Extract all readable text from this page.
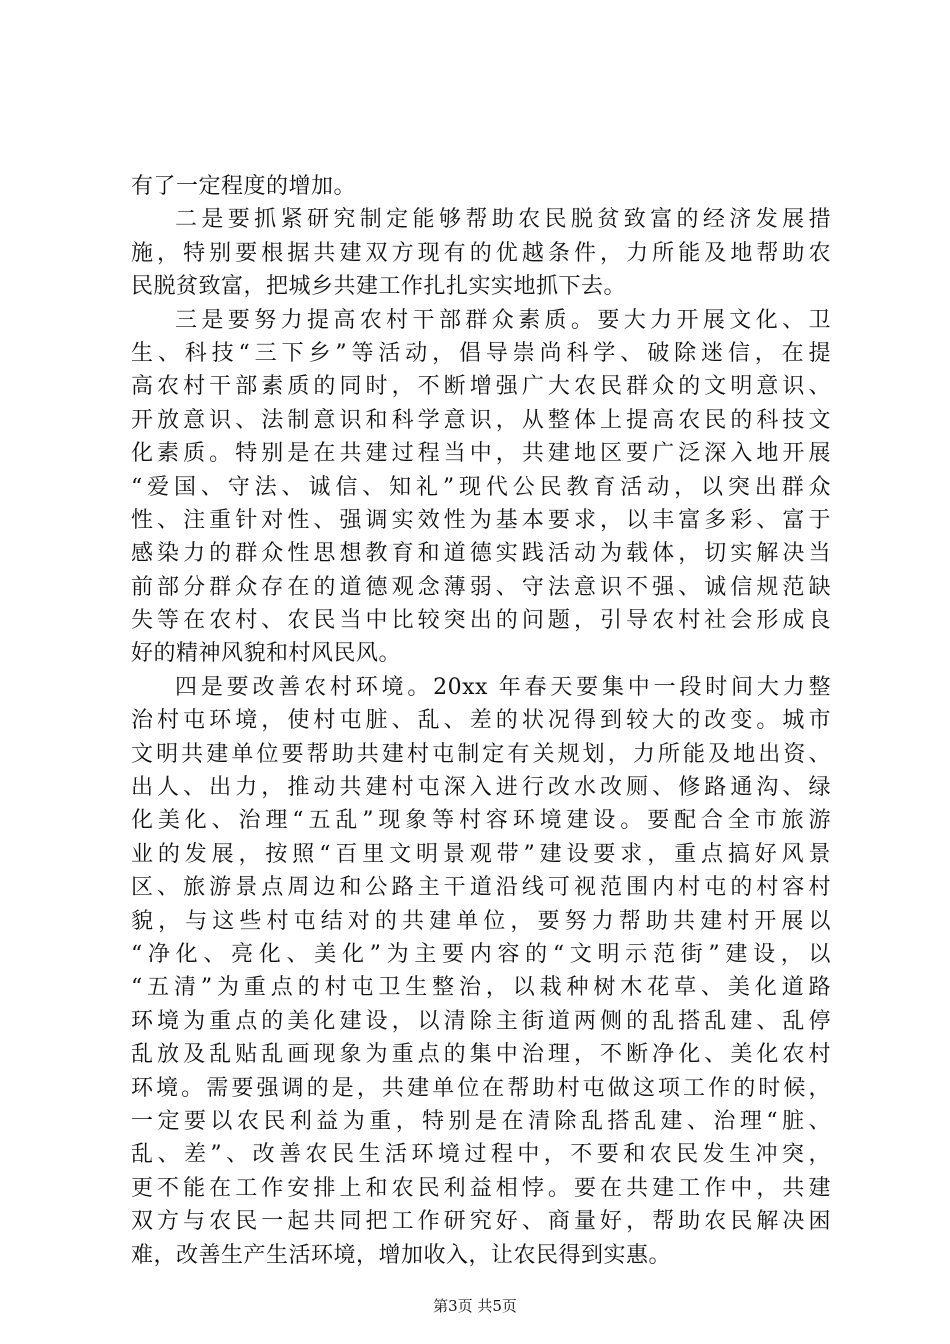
有了一定程度的增加。
二是要抓紧研究制定能够帮助农民脱贫致富的经济发展措
施，特别要根据共建双方现有的优越条件，力所能及地帮助农
民脱贫致富，把城乡共建工作扎扎实实地抓下去。
三是要努力提高农村干部群众素质。要大力开展文化、卫
生、科技“三下乡”等活动，倡导崇尚科学、破除迷信，在提
高农村干部素质的同时，不断增强广大农民群众的文明意识、
开放意识、法制意识和科学意识，从整体上提高农民的科技文
化素质。特别是在共建过程当中，共建地区要广泛深入地开展
“爱国、守法、诚信、知礼”现代公民教育活动，以突出群众
性、注重针对性、强调实效性为基本要求，以丰富多彩、富于
感染力的群众性思想教育和道德实践活动为载体，切实解决当
前部分群众存在的道德观念薄弱、守法意识不强、诚信规范缺
失等在农村、农民当中比较突出的问题，引导农村社会形成良
好的精神风貌和村风民风。
四是要改善农村环境。20xx 年春天要集中一段时间大力整
治村屯环境，使村屯脏、乱、差的状况得到较大的改变。城市
文明共建单位要帮助共建村屯制定有关规划，力所能及地出资、
出人、出力，推动共建村屯深入进行改水改厕、修路通沟、绿
化美化、治理“五乱”现象等村容环境建设。要配合全市旅游
业的发展，按照“百里文明景观带”建设要求，重点搞好风景
区、旅游景点周边和公路主干道沿线可视范围内村屯的村容村
貌，与这些村屯结对的共建单位，要努力帮助共建村开展以
“净化、亮化、美化”为主要内容的“文明示范街”建设，以
“五清”为重点的村屯卫生整治，以栽种树木花草、美化道路
环境为重点的美化建设，以清除主街道两侧的乱搭乱建、乱停
乱放及乱贴乱画现象为重点的集中治理，不断净化、美化农村
环境。需要强调的是，共建单位在帮助村屯做这项工作的时候，
一定要以农民利益为重，特别是在清除乱搭乱建、治理“脏、
乱、差”、改善农民生活环境过程中，不要和农民发生冲突，
更不能在工作安排上和农民利益相悖。要在共建工作中，共建
双方与农民一起共同把工作研究好、商量好，帮助农民解决困
难，改善生产生活环境，增加收入，让农民得到实惠。
第3页 共5页
